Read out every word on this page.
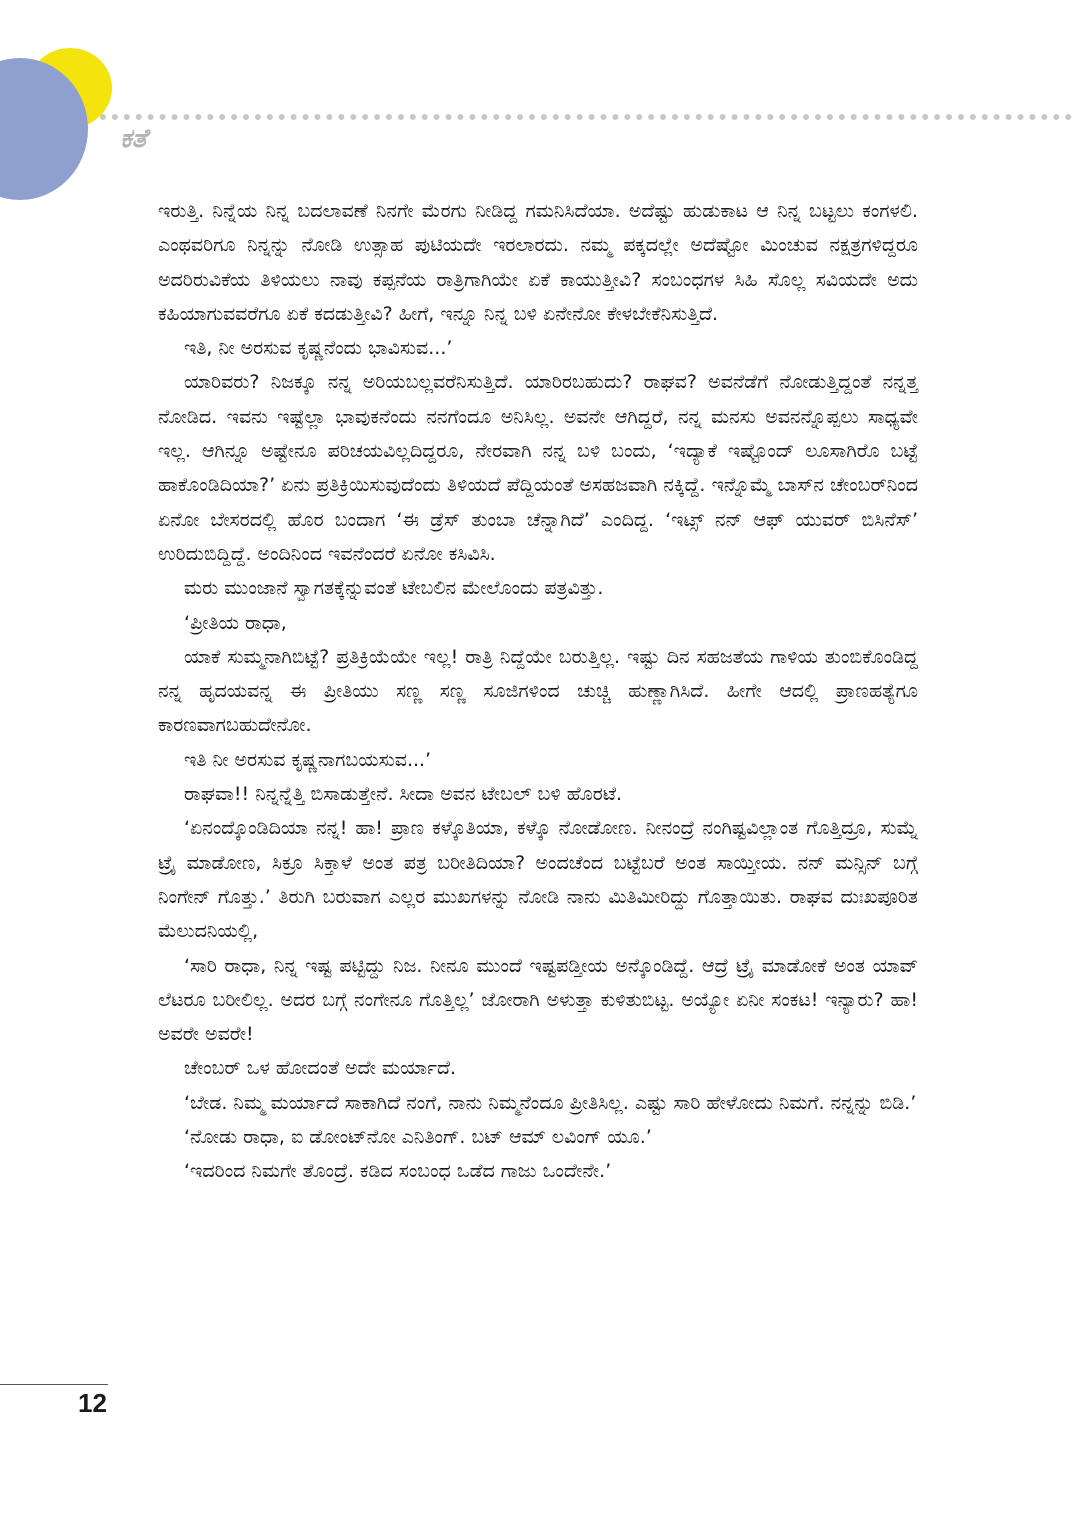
ಕತೆ

ಇರುತ್ತಿ. ನಿನ್ನೆಯ ನಿನ್ನ ಬದಲಾವಣೆ ನಿನಗೇ ಮೆರಗು ನೀಡಿದ್ದ ಗಮನಿಸಿದೆಯಾ. ಅದೆಷ್ಟು ಹುಡುಕಾಟ ಆ ನಿನ್ನ ಬಟ್ಟಲು ಕಂಗಳಲಿ. ಎಂಥವರಿಗೂ ನಿನ್ನನ್ನು ನೋಡಿ ಉತ್ಸಾಹ ಪುಟಿಯದೇ ಇರಲಾರದು. ನಮ್ಮ ಪಕ್ಕದಲ್ಲೇ ಅದೆಷ್ಟೋ ಮಿಂಚುವ ನಕ್ಷತ್ರಗಳಿದ್ದರೂ ಅದರಿರುವಿಕೆಯ ತಿಳಿಯಲು ನಾವು ಕಪ್ಪನೆಯ ರಾತ್ರಿಗಾಗಿಯೇ ಏಕೆ ಕಾಯುತ್ತೀವಿ? ಸಂಬಂಧಗಳ ಸಿಹಿ ಸೊಲ್ಲ ಸವಿಯದೇ ಅದು ಕಹಿಯಾಗುವವರೆಗೂ ಏಕೆ ಕದಡುತ್ತೀವಿ? ಹೀಗೆ, ಇನ್ನೂ ನಿನ್ನ ಬಳಿ ಏನೇನೋ ಕೇಳಬೇಕೆನಿಸುತ್ತಿದೆ.

ಇತಿ, ನೀ ಅರಸುವ ಕೃಷ್ಣನೆಂದು ಭಾವಿಸುವ...’

ಯಾರಿವರು? ನಿಜಕ್ಕೂ ನನ್ನ ಅರಿಯಬಲ್ಲವರೆನಿಸುತ್ತಿದೆ. ಯಾರಿರಬಹುದು? ರಾಘವ? ಅವನೆಡೆಗೆ ನೋಡುತ್ತಿದ್ದಂತೆ ನನ್ನತ್ತ ನೋಡಿದ. ಇವನು ಇಷ್ಟೆಲ್ಲಾ ಭಾವುಕನೆಂದು ನನಗೆಂದೂ ಅನಿಸಿಲ್ಲ. ಅವನೇ ಆಗಿದ್ದರೆ, ನನ್ನ ಮನಸು ಅವನನ್ನೊಪ್ಪಲು ಸಾಧ್ಯವೇ ಇಲ್ಲ. ಆಗಿನ್ನೂ ಅಷ್ಟೇನೂ ಪರಿಚಯವಿಲ್ಲದಿದ್ದರೂ, ನೇರವಾಗಿ ನನ್ನ ಬಳಿ ಬಂದು, ‘ಇದ್ಯಾಕೆ ಇಷ್ಟೊಂದ್ ಲೂಸಾಗಿರೊ ಬಟ್ಟೆ ಹಾಕೊಂಡಿದಿಯಾ?’ ಏನು ಪ್ರತಿಕ್ರಿಯಿಸುವುದೆಂದು ತಿಳಿಯದೆ ಪೆದ್ದಿಯಂತೆ ಅಸಹಜವಾಗಿ ನಕ್ಕಿದ್ದೆ. ಇನ್ನೊಮ್ಮೆ ಬಾಸ್‌ನ ಚೇಂಬರ್‌ನಿಂದ ಏನೋ ಬೇಸರದಲ್ಲಿ ಹೊರ ಬಂದಾಗ ‘ಈ ಡ್ರೆಸ್ ತುಂಬಾ ಚೆನ್ನಾಗಿದೆ’ ಎಂದಿದ್ದ. ‘ಇಟ್ಸ್ ನನ್ ಆಫ್ ಯುವರ್ ಬಿಸಿನೆಸ್’ ಉರಿದುಬಿದ್ದಿದ್ದೆ. ಅಂದಿನಿಂದ ಇವನೆಂದರೆ ಏನೋ ಕಸಿವಿಸಿ.

ಮರು ಮುಂಜಾನೆ ಸ್ವಾಗತಕ್ಕೆನ್ನುವಂತೆ ಟೇಬಲಿನ ಮೇಲೊಂದು ಪತ್ರವಿತ್ತು.

‘ಪ್ರೀತಿಯ ರಾಧಾ,

ಯಾಕೆ ಸುಮ್ಮನಾಗಿಬಿಟ್ಟೆ? ಪ್ರತಿಕ್ರಿಯೆಯೇ ಇಲ್ಲ! ರಾತ್ರಿ ನಿದ್ದೆಯೇ ಬರುತ್ತಿಲ್ಲ. ಇಷ್ಟು ದಿನ ಸಹಜತೆಯ ಗಾಳಿಯ ತುಂಬಿಕೊಂಡಿದ್ದ ನನ್ನ ಹೃದಯವನ್ನ ಈ ಪ್ರೀತಿಯು ಸಣ್ಣ ಸಣ್ಣ ಸೂಜಿಗಳಿಂದ ಚುಚ್ಚಿ ಹುಣ್ಣಾಗಿಸಿದೆ. ಹೀಗೇ ಆದಲ್ಲಿ ಪ್ರಾಣಹತ್ಯೆಗೂ ಕಾರಣವಾಗಬಹುದೇನೋ.

ಇತಿ ನೀ ಅರಸುವ ಕೃಷ್ಣನಾಗಬಯಸುವ...’

ರಾಘವಾ!! ನಿನ್ನನ್ನೆತ್ತಿ ಬಿಸಾಡುತ್ತೇನೆ. ಸೀದಾ ಅವನ ಟೇಬಲ್ ಬಳಿ ಹೊರಟೆ.

‘ಏನಂದ್ಕೊಂಡಿದಿಯಾ ನನ್ನ! ಹಾ! ಪ್ರಾಣ ಕಳ್ಕೊತಿಯಾ, ಕಳ್ಕೊ ನೋಡೋಣ. ನೀನಂದ್ರೆ ನಂಗಿಷ್ಟವಿಲ್ಲಾಂತ ಗೊತ್ತಿದ್ರೂ, ಸುಮ್ನೆ ಟ್ರೈ ಮಾಡೋಣ, ಸಿಕ್ರೂ ಸಿಕ್ತಾಳೆ ಅಂತ ಪತ್ರ ಬರೀತಿದಿಯಾ? ಅಂದಚೆಂದ ಬಟ್ಟೆಬರೆ ಅಂತ ಸಾಯ್ತೀಯ. ನನ್ ಮನ್ಸಿನ್ ಬಗ್ಗೆ ನಿಂಗೇನ್ ಗೊತ್ತು.’ ತಿರುಗಿ ಬರುವಾಗ ಎಲ್ಲರ ಮುಖಗಳನ್ನು ನೋಡಿ ನಾನು ಮಿತಿಮೀರಿದ್ದು ಗೊತ್ತಾಯಿತು. ರಾಘವ ದುಃಖಪೂರಿತ ಮೆಲುದನಿಯಲ್ಲಿ,

‘ಸಾರಿ ರಾಧಾ, ನಿನ್ನ ಇಷ್ಟ ಪಟ್ಟಿದ್ದು ನಿಜ. ನೀನೂ ಮುಂದೆ ಇಷ್ಟಪಡ್ತೀಯ ಅನ್ಕೊಂಡಿದ್ದೆ. ಆದ್ರೆ ಟ್ರೈ ಮಾಡೋಕೆ ಅಂತ ಯಾವ್ ಲೆಟರೂ ಬರೀಲಿಲ್ಲ. ಅದರ ಬಗ್ಗೆ ನಂಗೇನೂ ಗೊತ್ತಿಲ್ಲ’ ಜೋರಾಗಿ ಅಳುತ್ತಾ ಕುಳಿತುಬಿಟ್ಟ. ಅಯ್ಯೋ ಏನೀ ಸಂಕಟ! ಇನ್ಯಾರು? ಹಾ! ಅವರೇ ಅವರೇ!

ಚೇಂಬರ್ ಒಳ ಹೋದಂತೆ ಅದೇ ಮರ್ಯಾದೆ.

‘ಬೇಡ. ನಿಮ್ಮ ಮರ್ಯಾದೆ ಸಾಕಾಗಿದೆ ನಂಗೆ, ನಾನು ನಿಮ್ಮನೆಂದೂ ಪ್ರೀತಿಸಿಲ್ಲ. ಎಷ್ಟು ಸಾರಿ ಹೇಳೋದು ನಿಮಗೆ. ನನ್ನನ್ನು ಬಿಡಿ.’

‘ನೋಡು ರಾಧಾ, ಐ ಡೋಂಟ್‌ನೋ ಎನಿತಿಂಗ್. ಬಟ್ ಆಮ್ ಲವಿಂಗ್ ಯೂ.’

‘ಇದರಿಂದ ನಿಮಗೇ ತೊಂದ್ರೆ. ಕಡಿದ ಸಂಬಂಧ ಒಡೆದ ಗಾಜು ಒಂದೇನೇ.’

12
